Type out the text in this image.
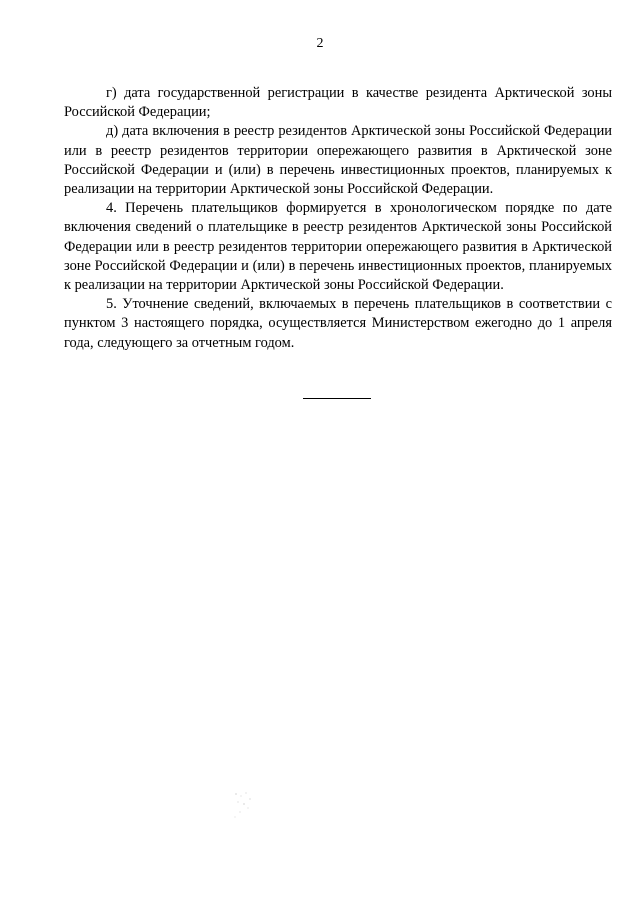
2

г) дата государственной регистрации в качестве резидента Арктической зоны Российской Федерации;

д) дата включения в реестр резидентов Арктической зоны Российской Федерации или в реестр резидентов территории опережающего развития в Арктической зоне Российской Федерации и (или) в перечень инвестиционных проектов, планируемых к реализации на территории Арктической зоны Российской Федерации.

4. Перечень плательщиков формируется в хронологическом порядке по дате включения сведений о плательщике в реестр резидентов Арктической зоны Российской Федерации или в реестр резидентов территории опережающего развития в Арктической зоне Российской Федерации и (или) в перечень инвестиционных проектов, планируемых к реализации на территории Арктической зоны Российской Федерации.

5. Уточнение сведений, включаемых в перечень плательщиков в соответствии с пунктом 3 настоящего порядка, осуществляется Министерством ежегодно до 1 апреля года, следующего за отчетным годом.
